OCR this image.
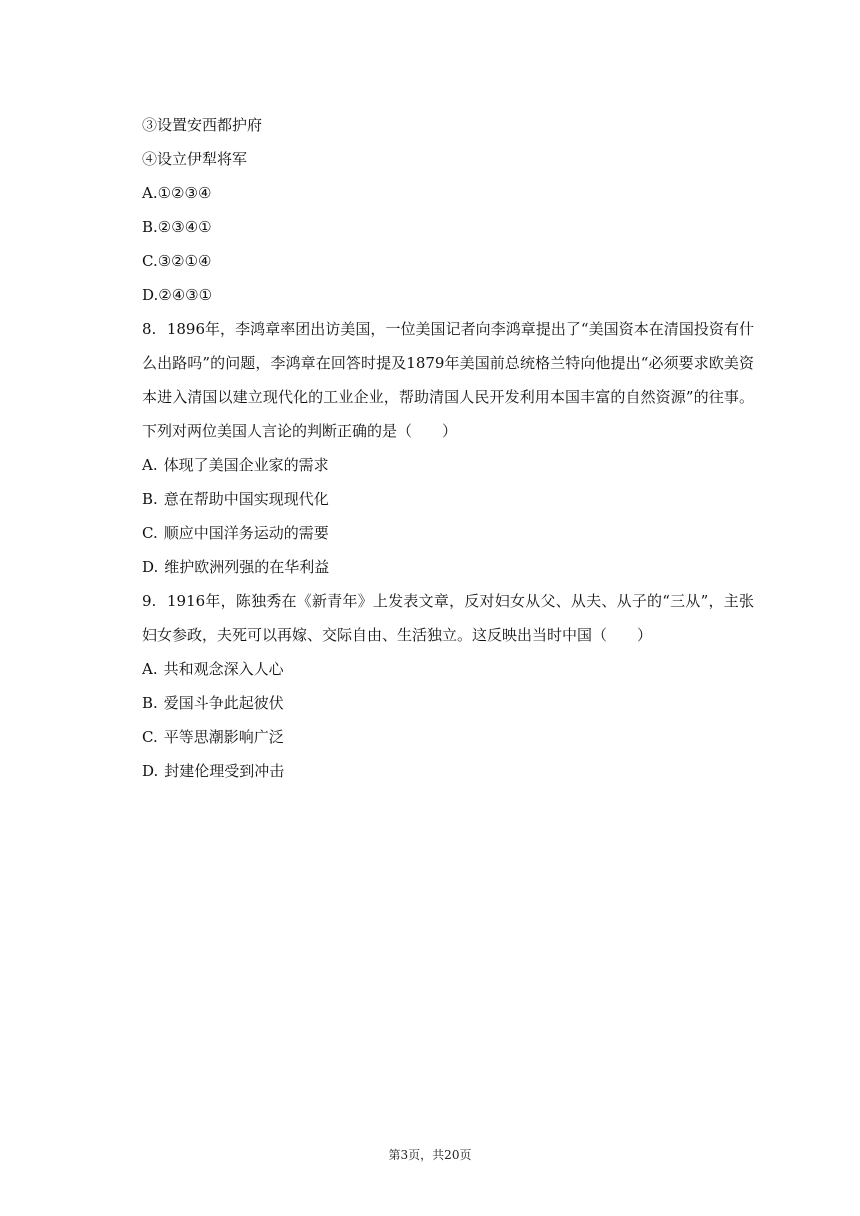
③设置安西都护府
④设立伊犁将军
A.①②③④
B.②③④①
C.③②①④
D.②④③①
8. 1896年，李鸿章率团出访美国，一位美国记者向李鸿章提出了“美国资本在清国投资有什么出路吗”的问题，李鸿章在回答时提及1879年美国前总统格兰特向他提出“必须要求欧美资本进入清国以建立现代化的工业企业，帮助清国人民开发利用本国丰富的自然资源”的往事。下列对两位美国人言论的判断正确的是（　　）
A. 体现了美国企业家的需求
B. 意在帮助中国实现现代化
C. 顺应中国洋务运动的需要
D. 维护欧洲列强的在华利益
9. 1916年，陈独秀在《新青年》上发表文章，反对妇女从父、从夫、从子的“三从”，主张妇女参政，夫死可以再嫁、交际自由、生活独立。这反映出当时中国（　　）
A. 共和观念深入人心
B. 爱国斗争此起彼伏
C. 平等思潮影响广泛
D. 封建伦理受到冲击
第3页，共20页
